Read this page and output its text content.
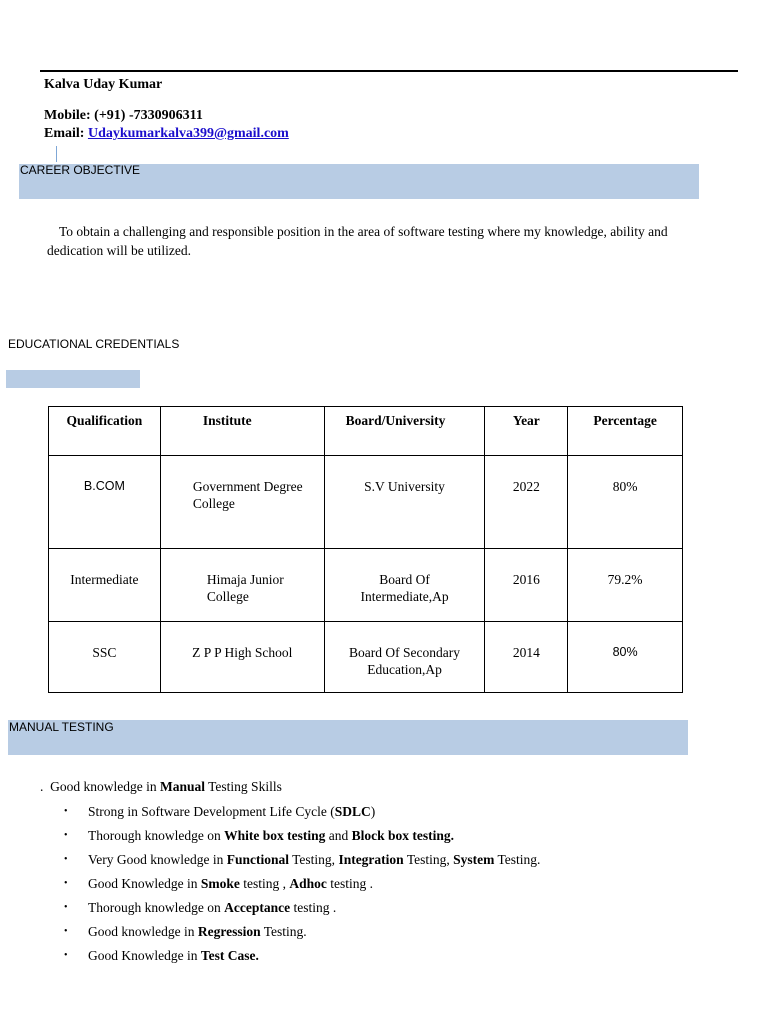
Kalva Uday Kumar
Mobile: (+91) -7330906311
Email: Udaykumarkalva399@gmail.com
CAREER OBJECTIVE
To obtain a challenging and responsible position in the area of software testing where my knowledge, ability and dedication will be utilized.
EDUCATIONAL CREDENTIALS
Qualification	Institute	Board/University	Year	Percentage

B.COM	Government Degree College	S.V University	2022	80%

Intermediate	Himaja Junior College	Board Of Intermediate,Ap	2016	79.2%

SSC	Z P P High School	Board Of Secondary Education,Ap	2014	80%
MANUAL TESTING
.  Good knowledge in Manual Testing Skills
• Strong in Software Development Life Cycle (SDLC)
• Thorough knowledge on White box testing and Block box testing.
• Very Good knowledge in Functional Testing, Integration Testing, System Testing.
• Good Knowledge in Smoke testing , Adhoc testing .
• Thorough knowledge on Acceptance testing .
• Good knowledge in Regression Testing.
• Good Knowledge in Test Case.
